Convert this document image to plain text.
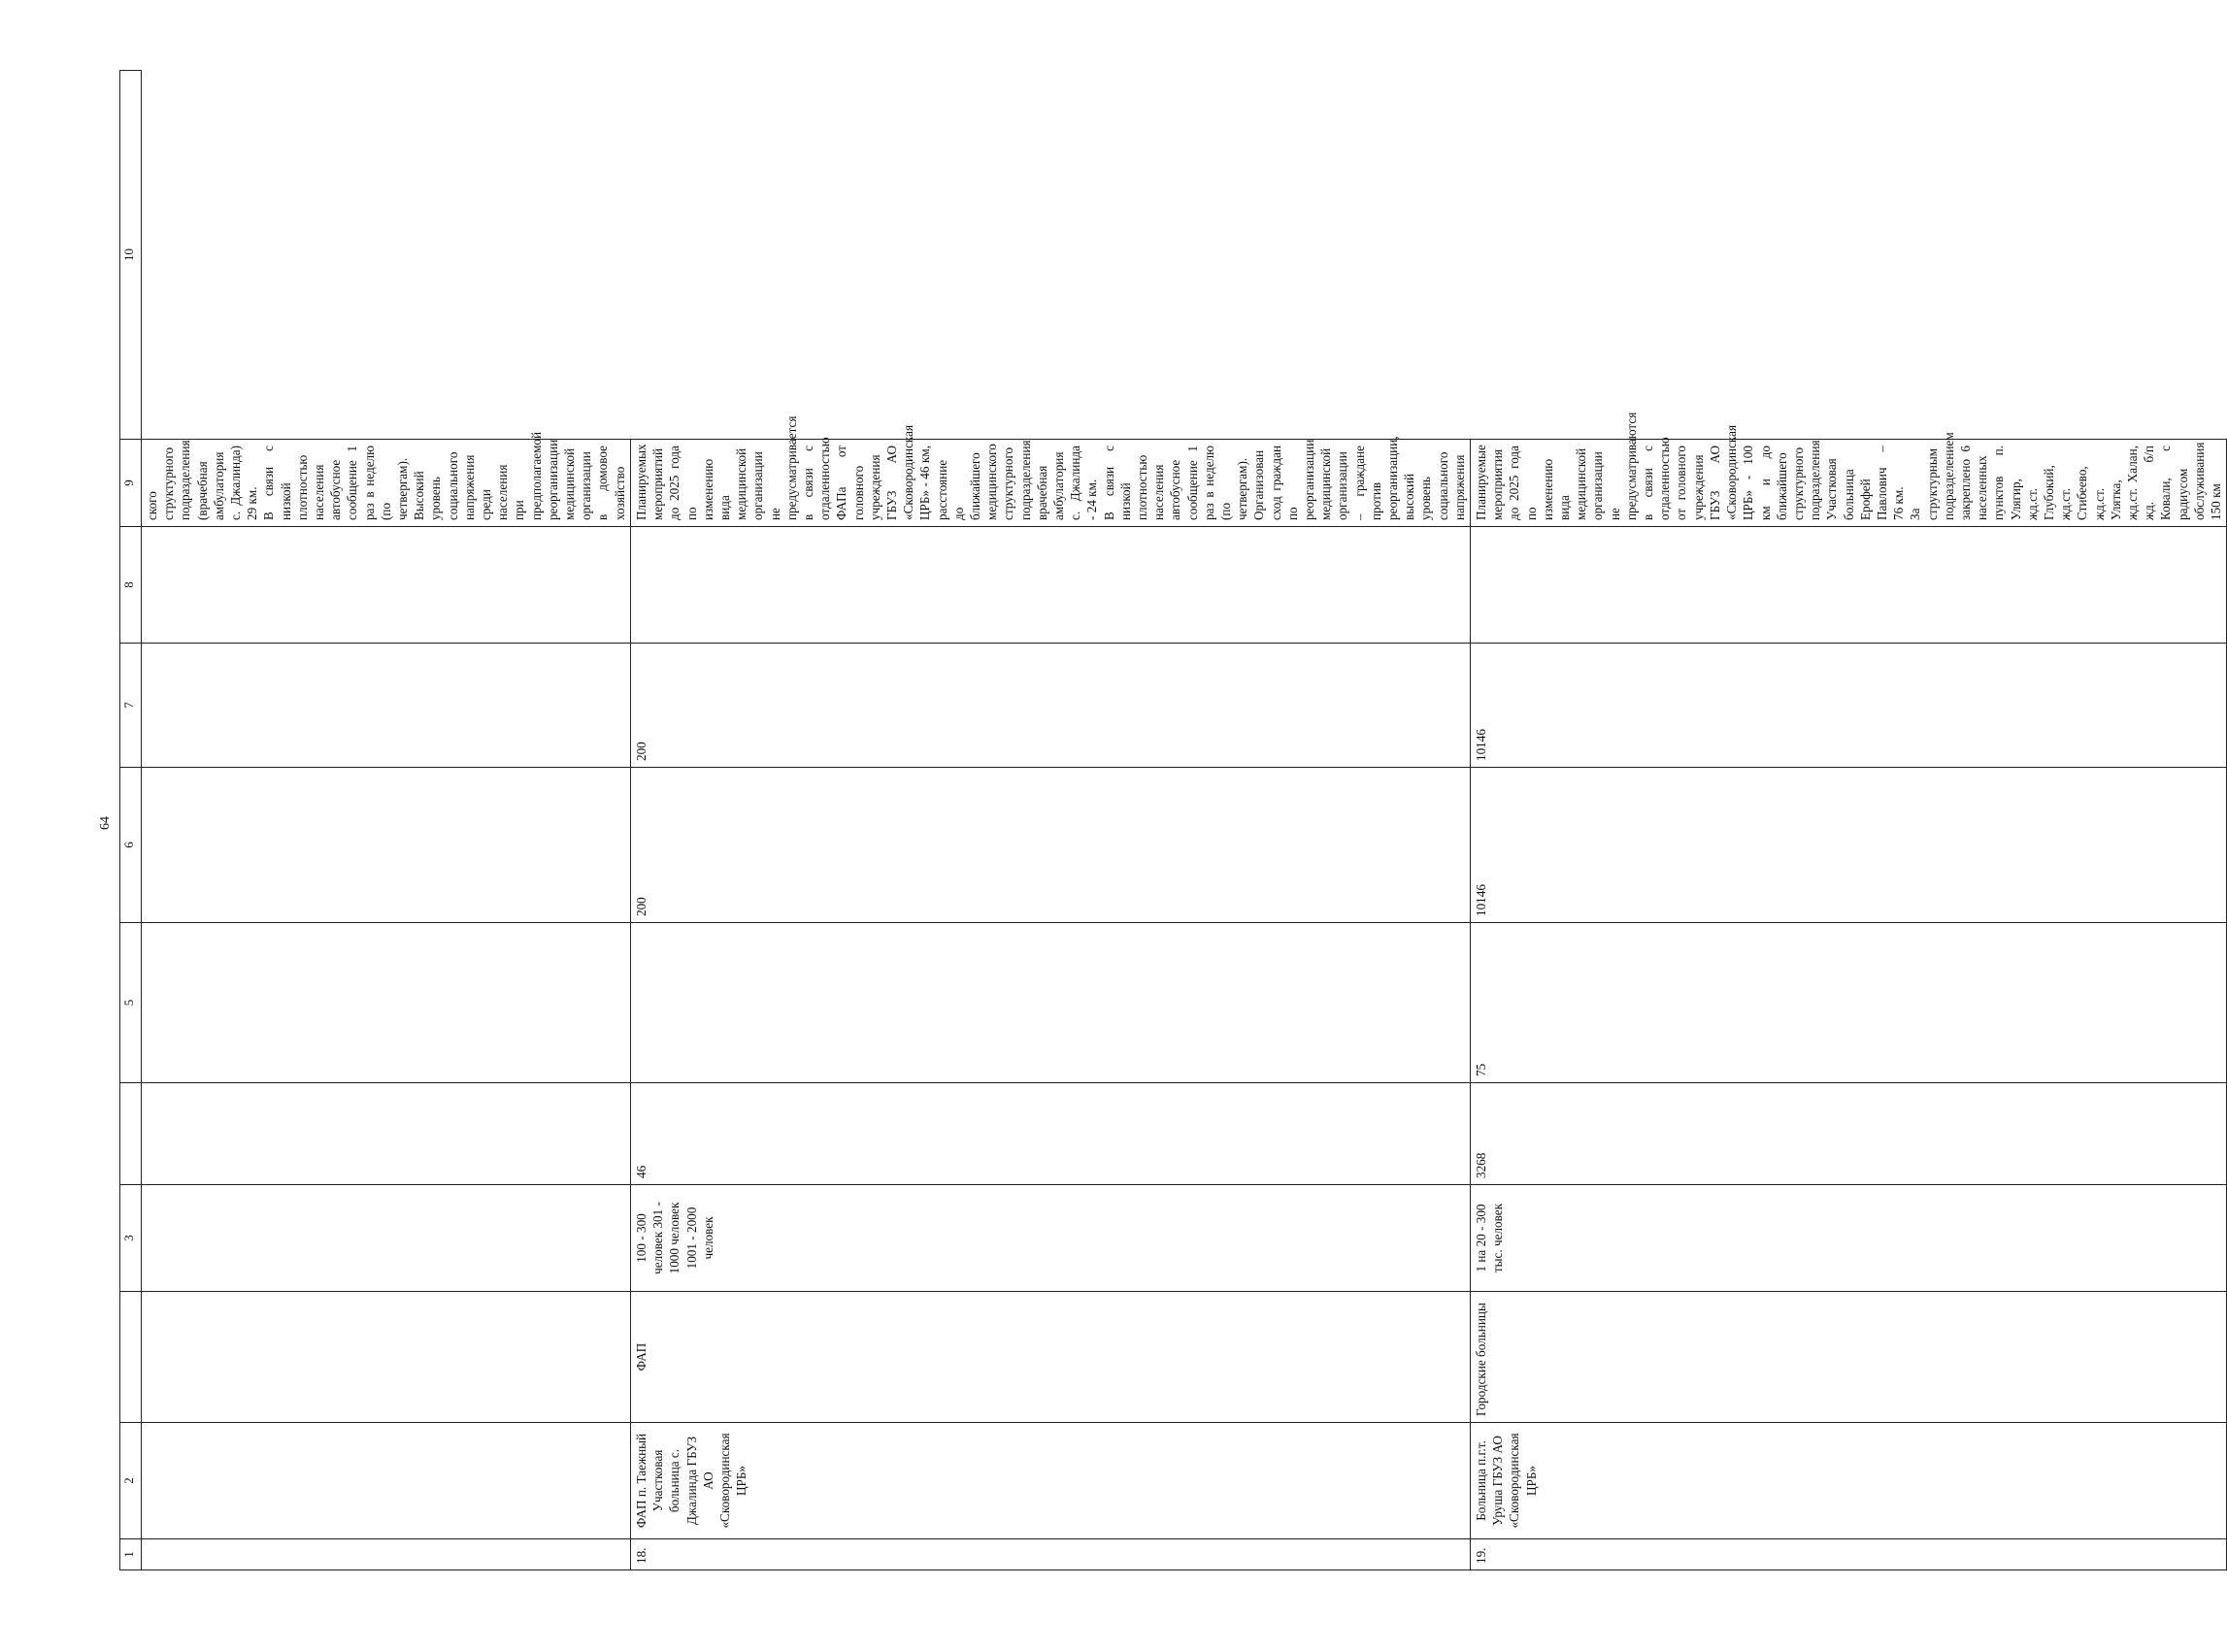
64
1	2		3		5	6	7	8	9	10

									ского структурного подразделения (врачебная амбулатория с. Джалинда) 29 км. В связи с низкой плотностью населения автобусное сообщение 1 раз в неделю (по четвергам). Высокий уровень социального напряжения среди населения при предполагаемой реорганизации медицинской организации в домовое хозяйство	

18.	ФАП п. Таежный Участковая больница с. Джалинда ГБУЗ АО «Сковородинская ЦРБ»	ФАП	100 - 300 человек 301 - 1000 человек 1001 - 2000 человек	46		200	200		Планируемых мероприятий до 2025 года по изменению вида медицинской организации не предусматривается в связи с отдаленностью ФАПа от головного учреждения ГБУЗ АО «Сковородинская ЦРБ» - 46 км, расстояние до ближайшего медицинского структурного подразделения врачебная амбулатория с. Джалинда - 24 км. В связи с низкой плотностью населения автобусное сообщение 1 раз в неделю (по четвергам). Организован сход граждан по реорганизации медицинской организации – граждане против реорганизации, высокий уровень социального напряжения	

19.	Больница п.г.т. Уруша ГБУЗ АО «Сковородинская ЦРБ»	Городские больницы	1 на 20 - 300 тыс. человек	3268	75	10146	10146		Планируемые мероприятия до 2025 года по изменению вида медицинской организации не предусматриваются в связи с отдаленностью от головного учреждения ГБУЗ АО «Сковородинская ЦРБ» - 100 км и до ближайшего структурного подразделения Участковая больница Ерофей Павлович – 76 км. За структурным подразделением закреплено 6 населенных пунктов п. Улягир, жд.ст. Глубокий, жд.ст. Стибеево, жд.ст. Улятка, жд.ст. Халан, жд. б/п Ковали, с радиусом обслуживания 150 км	
